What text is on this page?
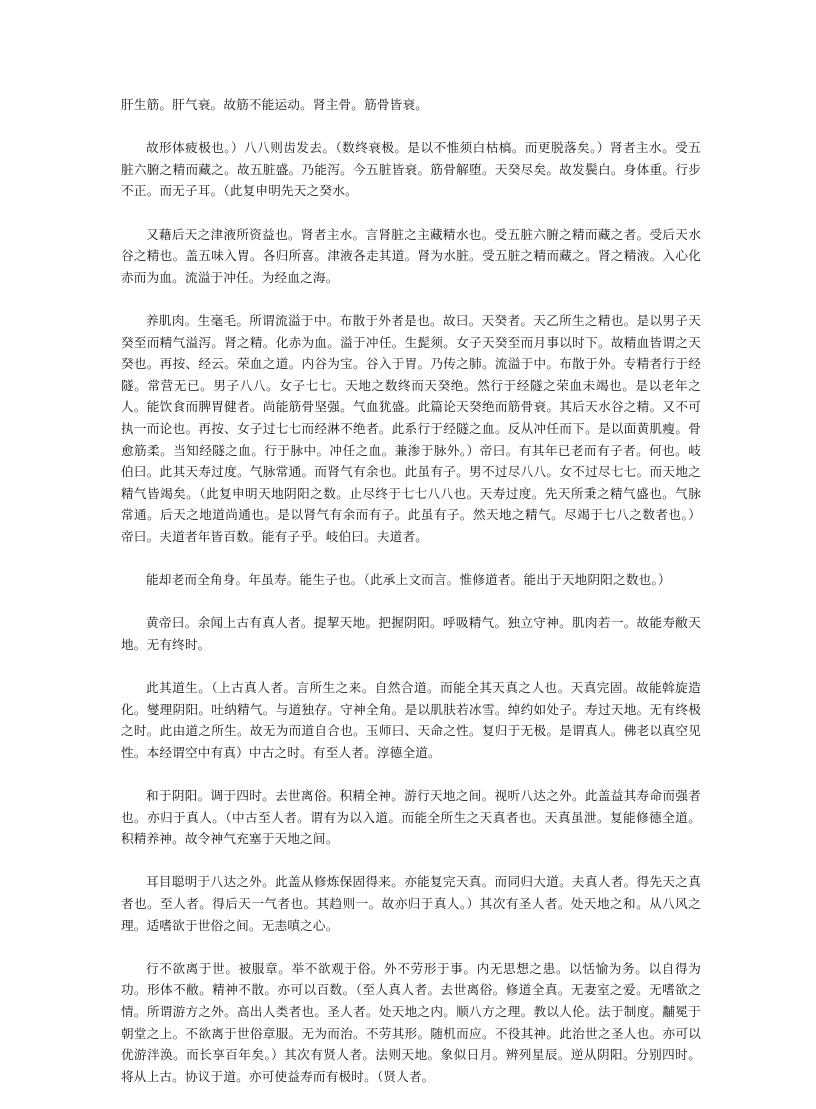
肝生筋。肝气衰。故筋不能运动。肾主骨。筋骨皆衰。

故形体疲极也。）八八则齿发去。（数终衰极。是以不惟须白枯槁。而更脱落矣。）肾者主水。受五脏六腑之精而藏之。故五脏盛。乃能泻。今五脏皆衰。筋骨解堕。天癸尽矣。故发鬓白。身体重。行步不正。而无子耳。（此复申明先天之癸水。

又藉后天之津液所资益也。肾者主水。言肾脏之主藏精水也。受五脏六腑之精而藏之者。受后天水谷之精也。盖五味入胃。各归所喜。津液各走其道。肾为水脏。受五脏之精而藏之。肾之精液。入心化赤而为血。流溢于冲任。为经血之海。

养肌肉。生毫毛。所谓流溢于中。布散于外者是也。故曰。天癸者。天乙所生之精也。是以男子天癸至而精气溢泻。肾之精。化赤为血。溢于冲任。生髭须。女子天癸至而月事以时下。故精血皆谓之天癸也。再按、经云。荣血之道。内谷为宝。谷入于胃。乃传之肺。流溢于中。布散于外。专精者行于经隧。常营无已。男子八八。女子七七。天地之数终而天癸绝。然行于经隧之荣血未竭也。是以老年之人。能饮食而脾胃健者。尚能筋骨坚强。气血犹盛。此篇论天癸绝而筋骨衰。其后天水谷之精。又不可执一而论也。再按、女子过七七而经淋不绝者。此系行于经隧之血。反从冲任而下。是以面黄肌瘦。骨愈筋柔。当知经隧之血。行于脉中。冲任之血。兼渗于脉外。）帝曰。有其年已老而有子者。何也。岐伯曰。此其天寿过度。气脉常通。而肾气有余也。此虽有子。男不过尽八八。女不过尽七七。而天地之精气皆竭矣。（此复申明天地阴阳之数。止尽终于七七八八也。天寿过度。先天所秉之精气盛也。气脉常通。后天之地道尚通也。是以肾气有余而有子。此虽有子。然天地之精气。尽竭于七八之数者也。）帝曰。夫道者年皆百数。能有子乎。岐伯曰。夫道者。

能却老而全角身。年虽寿。能生子也。（此承上文而言。惟修道者。能出于天地阴阳之数也。）

黄帝曰。余闻上古有真人者。提挈天地。把握阴阳。呼吸精气。独立守神。肌肉若一。故能寿敝天地。无有终时。

此其道生。（上古真人者。言所生之来。自然合道。而能全其天真之人也。天真完固。故能斡旋造化。燮理阴阳。吐纳精气。与道独存。守神全角。是以肌肤若冰雪。绰约如处子。寿过天地。无有终极之时。此由道之所生。故无为而道自合也。玉师曰、天命之性。复归于无极。是谓真人。佛老以真空见性。本经谓空中有真）中古之时。有至人者。淳德全道。

和于阴阳。调于四时。去世离俗。积精全神。游行天地之间。视听八达之外。此盖益其寿命而强者也。亦归于真人。（中古至人者。谓有为以入道。而能全所生之天真者也。天真虽泄。复能修德全道。积精养神。故令神气充塞于天地之间。

耳目聪明于八达之外。此盖从修炼保固得来。亦能复完天真。而同归大道。夫真人者。得先天之真者也。至人者。得后天一气者也。其趋则一。故亦归于真人。）其次有圣人者。处天地之和。从八风之理。适嗜欲于世俗之间。无恚嗔之心。

行不欲离于世。被服章。举不欲观于俗。外不劳形于事。内无思想之患。以恬愉为务。以自得为功。形体不敝。精神不散。亦可以百数。（至人真人者。去世离俗。修道全真。无妻室之爱。无嗜欲之情。所谓游方之外。高出人类者也。圣人者。处天地之内。顺八方之理。教以人伦。法于制度。黼冕于朝堂之上。不欲离于世俗章服。无为而治。不劳其形。随机而应。不役其神。此治世之圣人也。亦可以优游泮涣。而长享百年矣。）其次有贤人者。法则天地。象似日月。辨列星辰。逆从阴阳。分别四时。将从上古。协议于道。亦可使益寿而有极时。（贤人者。
